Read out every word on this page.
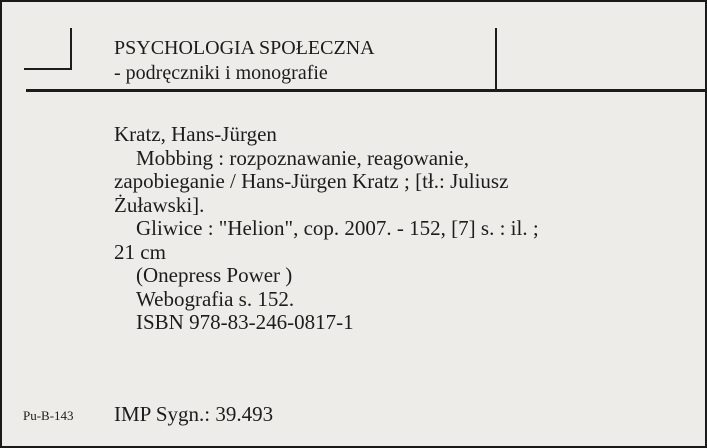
PSYCHOLOGIA SPOŁECZNA
- podręczniki i monografie
Kratz, Hans-Jürgen
Mobbing : rozpoznawanie, reagowanie,
zapobieganie / Hans-Jürgen Kratz ; [tł.: Juliusz
Żuławski].
Gliwice : "Helion", cop. 2007. - 152, [7] s. : il. ;
21 cm
(Onepress Power )
Webografia s. 152.
ISBN 978-83-246-0817-1
Pu-B-143 IMP Sygn.: 39.493
